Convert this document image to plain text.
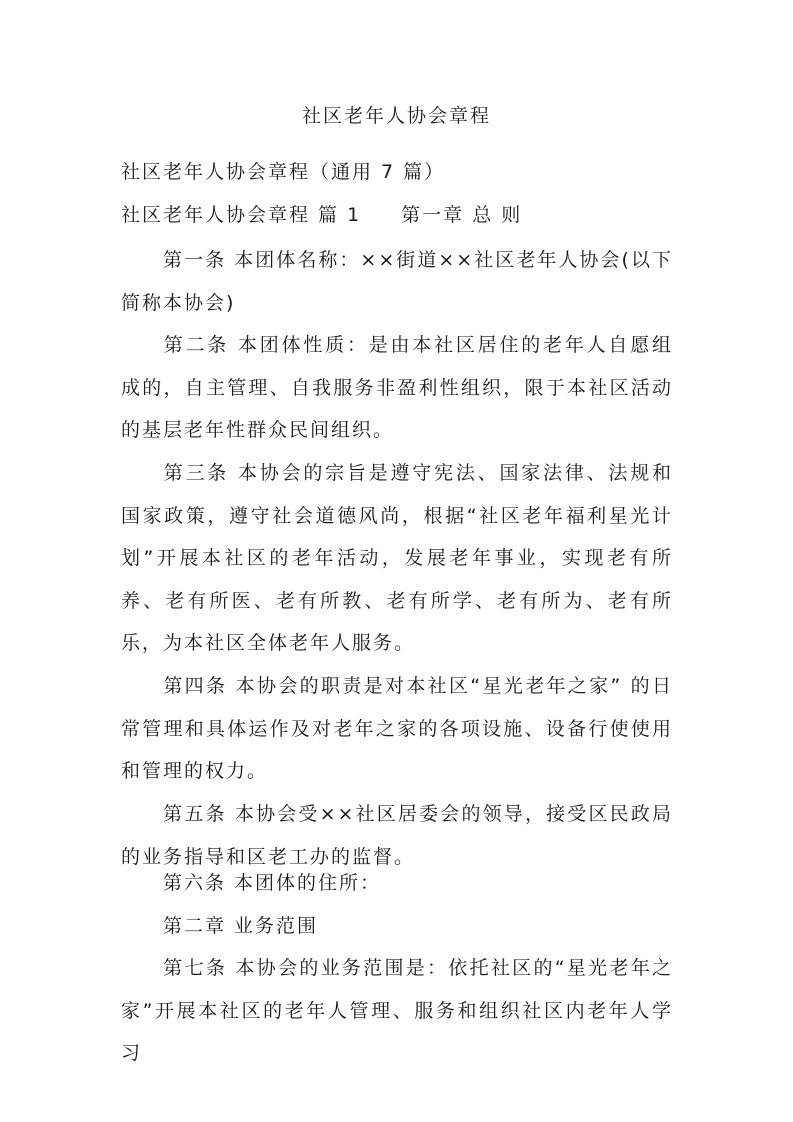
社区老年人协会章程
社区老年人协会章程（通用 7 篇）
社区老年人协会章程 篇 1 第一章 总 则
第一条 本团体名称：××街道××社区老年人协会(以下简称本协会)
第二条 本团体性质：是由本社区居住的老年人自愿组成的，自主管理、自我服务非盈利性组织，限于本社区活动的基层老年性群众民间组织。
第三条 本协会的宗旨是遵守宪法、国家法律、法规和国家政策，遵守社会道德风尚，根据“社区老年福利星光计划”开展本社区的老年活动，发展老年事业，实现老有所养、老有所医、老有所教、老有所学、老有所为、老有所乐，为本社区全体老年人服务。
第四条 本协会的职责是对本社区“星光老年之家” 的日常管理和具体运作及对老年之家的各项设施、设备行使使用和管理的权力。
第五条 本协会受××社区居委会的领导，接受区民政局的业务指导和区老工办的监督。
第六条 本团体的住所：
第二章 业务范围
第七条 本协会的业务范围是：依托社区的“星光老年之家”开展本社区的老年人管理、服务和组织社区内老年人学习
